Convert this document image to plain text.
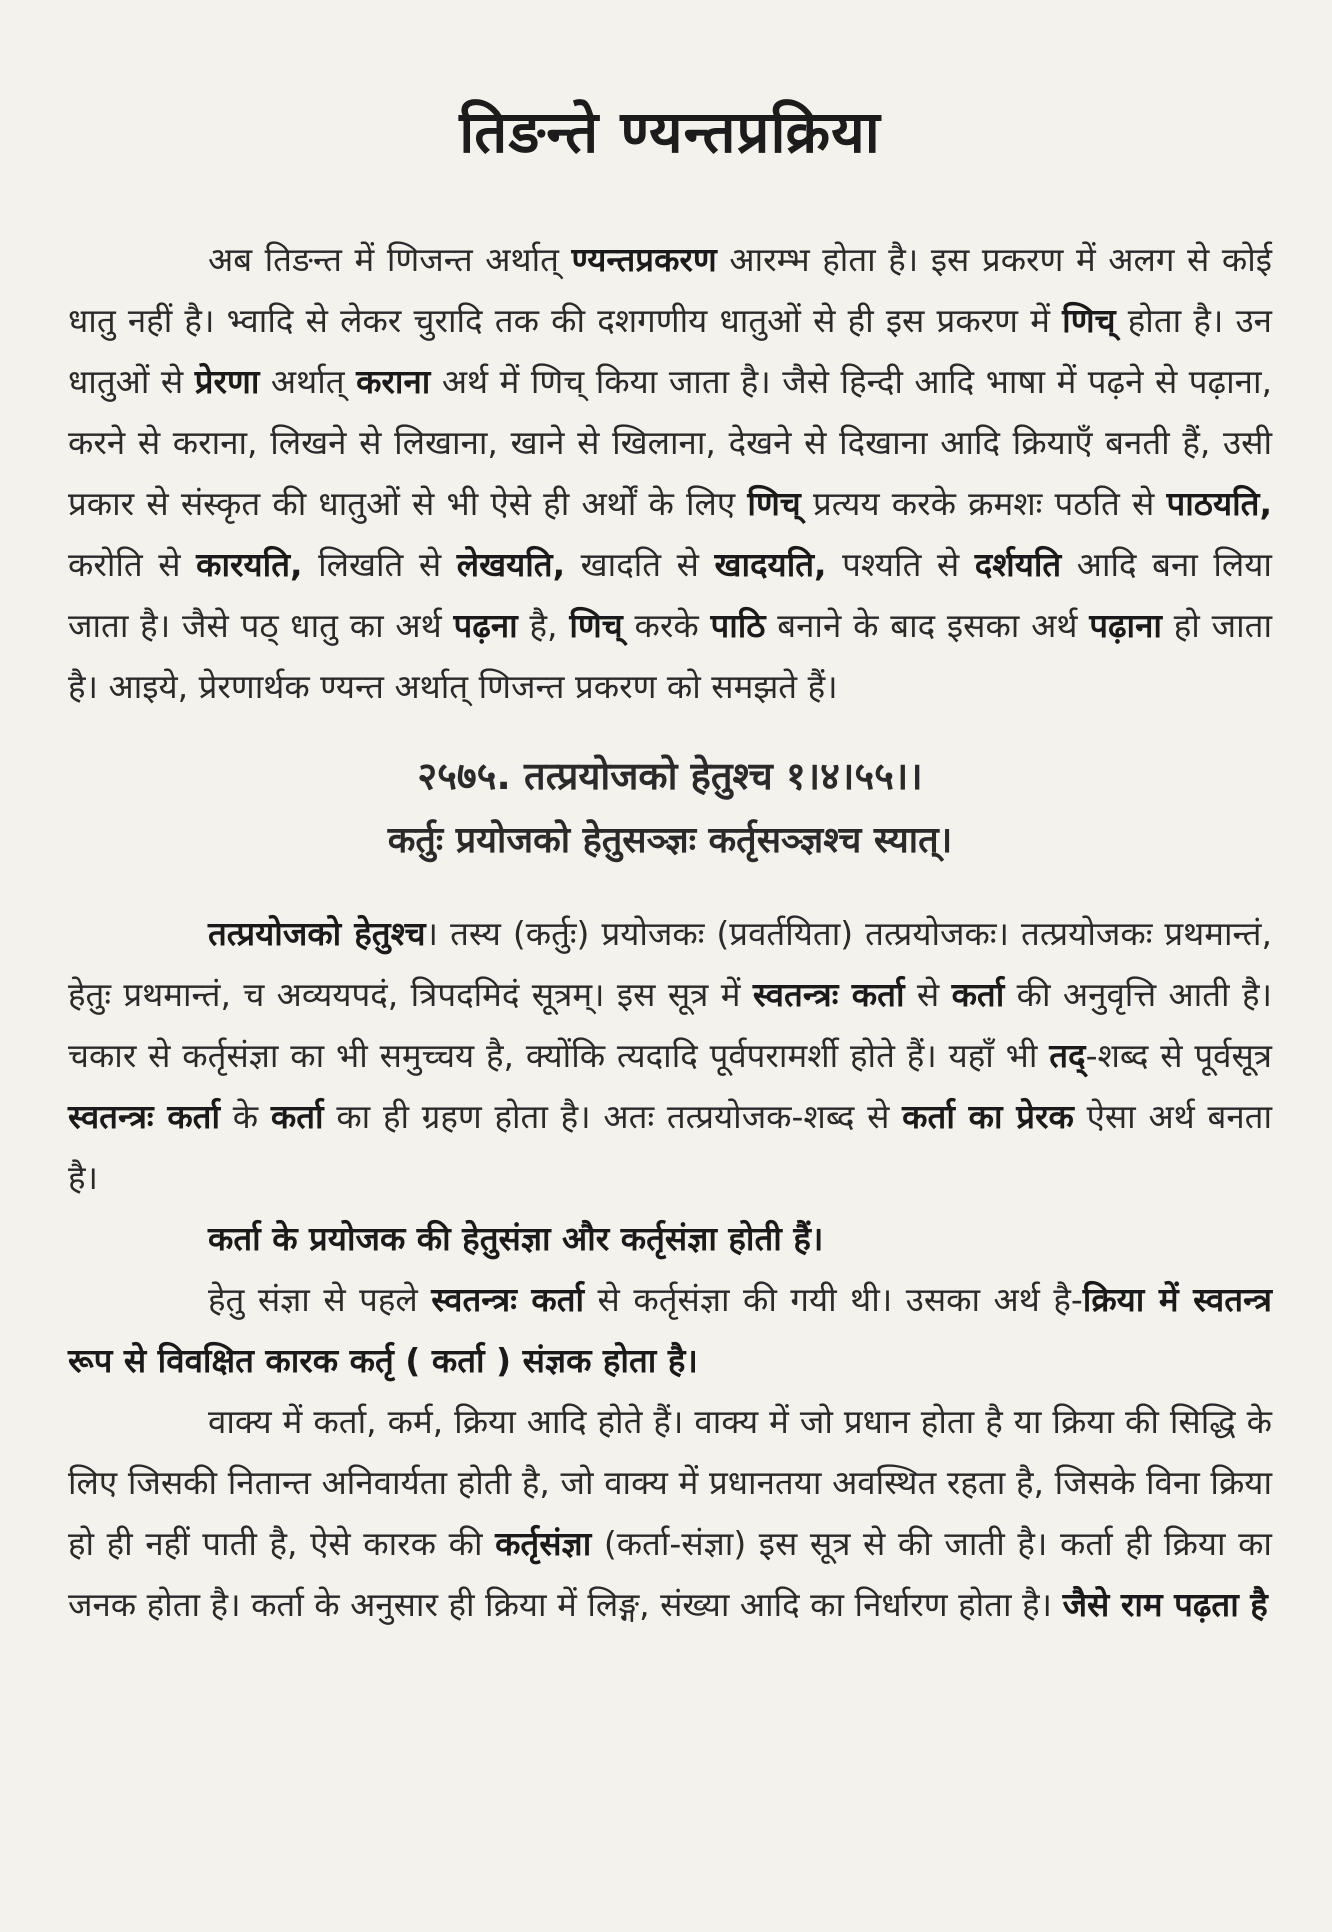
तिङन्ते ण्यन्तप्रक्रिया

अब तिङन्त में णिजन्त अर्थात् ण्यन्तप्रकरण आरम्भ होता है। इस प्रकरण में अलग से कोई धातु नहीं है। भ्वादि से लेकर चुरादि तक की दशगणीय धातुओं से ही इस प्रकरण में णिच् होता है। उन धातुओं से प्रेरणा अर्थात् कराना अर्थ में णिच् किया जाता है। जैसे हिन्दी आदि भाषा में पढ़ने से पढ़ाना, करने से कराना, लिखने से लिखाना, खाने से खिलाना, देखने से दिखाना आदि क्रियाएँ बनती हैं, उसी प्रकार से संस्कृत की धातुओं से भी ऐसे ही अर्थों के लिए णिच् प्रत्यय करके क्रमशः पठति से पाठयति, करोति से कारयति, लिखति से लेखयति, खादति से खादयति, पश्यति से दर्शयति आदि बना लिया जाता है। जैसे पठ् धातु का अर्थ पढ़ना है, णिच् करके पाठि बनाने के बाद इसका अर्थ पढ़ाना हो जाता है। आइये, प्रेरणार्थक ण्यन्त अर्थात् णिजन्त प्रकरण को समझते हैं।

२५७५. तत्प्रयोजको हेतुश्च १।४।५५।।
कर्तुः प्रयोजको हेतुसञ्ज्ञः कर्तृसञ्ज्ञश्च स्यात्।

तत्प्रयोजको हेतुश्च। तस्य (कर्तुः) प्रयोजकः (प्रवर्तयिता) तत्प्रयोजकः। तत्प्रयोजकः प्रथमान्तं, हेतुः प्रथमान्तं, च अव्ययपदं, त्रिपदमिदं सूत्रम्। इस सूत्र में स्वतन्त्रः कर्ता से कर्ता की अनुवृत्ति आती है। चकार से कर्तृसंज्ञा का भी समुच्चय है, क्योंकि त्यदादि पूर्वपरामर्शी होते हैं। यहाँ भी तद्-शब्द से पूर्वसूत्र स्वतन्त्रः कर्ता के कर्ता का ही ग्रहण होता है। अतः तत्प्रयोजक-शब्द से कर्ता का प्रेरक ऐसा अर्थ बनता है।

कर्ता के प्रयोजक की हेतुसंज्ञा और कर्तृसंज्ञा होती हैं।

हेतु संज्ञा से पहले स्वतन्त्रः कर्ता से कर्तृसंज्ञा की गयी थी। उसका अर्थ है-क्रिया में स्वतन्त्र रूप से विवक्षित कारक कर्तृ ( कर्ता ) संज्ञक होता है।

वाक्य में कर्ता, कर्म, क्रिया आदि होते हैं। वाक्य में जो प्रधान होता है या क्रिया की सिद्धि के लिए जिसकी नितान्त अनिवार्यता होती है, जो वाक्य में प्रधानतया अवस्थित रहता है, जिसके विना क्रिया हो ही नहीं पाती है, ऐसे कारक की कर्तृसंज्ञा (कर्ता-संज्ञा) इस सूत्र से की जाती है। कर्ता ही क्रिया का जनक होता है। कर्ता के अनुसार ही क्रिया में लिङ्ग, संख्या आदि का निर्धारण होता है। जैसे राम पढ़ता है
